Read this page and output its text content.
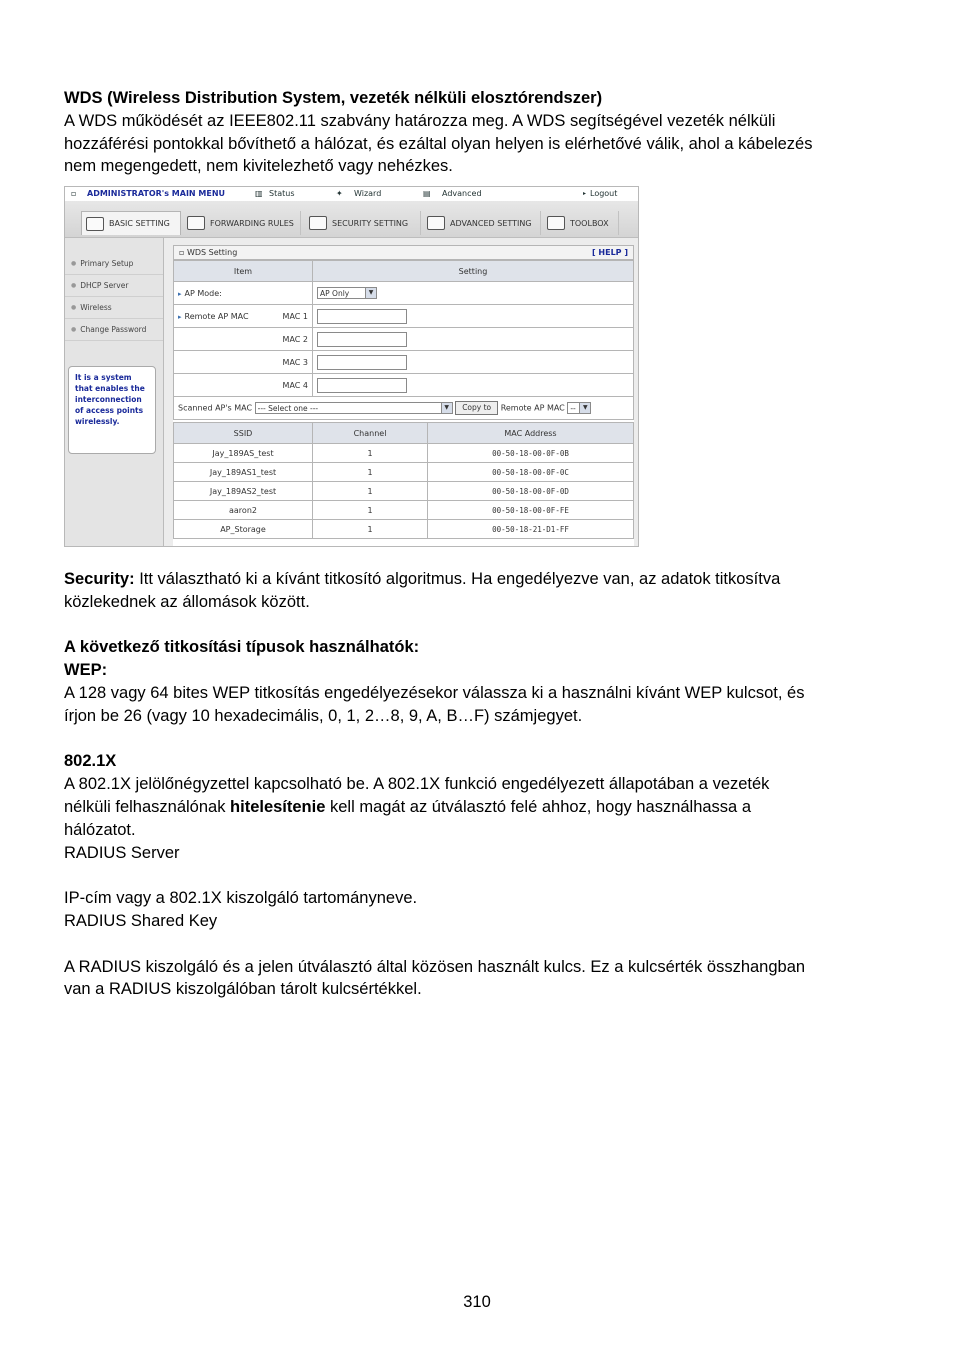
WDS (Wireless Distribution System, vezeték nélküli elosztórendszer)

A WDS működését az IEEE802.11 szabvány határozza meg. A WDS segítségével vezeték nélküli

hozzáférési pontokkal bővíthető a hálózat, és ezáltal olyan helyen is elérhetővé válik, ahol a kábelezés

nem megengedett, nem kivitelezhető vagy nehézkes.

Security: Itt választható ki a kívánt titkosító algoritmus. Ha engedélyezve van, az adatok titkosítva

közlekednek az állomások között.

A következő titkosítási típusok használhatók:

WEP:

A 128 vagy 64 bites WEP titkosítás engedélyezésekor válassza ki a használni kívánt WEP kulcsot, és

írjon be 26 (vagy 10 hexadecimális, 0, 1, 2…8, 9, A, B…F) számjegyet.

802.1X

A 802.1X jelölőnégyzettel kapcsolható be. A 802.1X funkció engedélyezett állapotában a vezeték

nélküli felhasználónak hitelesítenie kell magát az útválasztó felé ahhoz, hogy használhassa a

hálózatot.

RADIUS Server

IP-cím vagy a 802.1X kiszolgáló tartományneve.

RADIUS Shared Key

A RADIUS kiszolgáló és a jelen útválasztó által közösen használt kulcs. Ez a kulcsérték összhangban

van a RADIUS kiszolgálóban tárolt kulcsértékkel.

▫ ADMINISTRATOR's MAIN MENU	▥ Status	✦ Wizard	▤ Advanced	▸ Logout
BASIC SETTING	FORWARDING RULES	SECURITY SETTING	ADVANCED SETTING	TOOLBOX
● Primary Setup
● DHCP Server
● Wireless
● Change Password
It is a system that enables the interconnection of access points wirelessly.
▫ WDS Setting	[ HELP ]
Item	Setting
▸ AP Mode:	AP Only ▼

▸ Remote AP MAC MAC 1	

MAC 2	
MAC 3	
MAC 4	
Scanned AP's MAC --- Select one --- ▼ Copy to Remote AP MAC -- ▼	
SSID	Channel	MAC Address
Jay_189AS_test	1	00-50-18-00-0F-0B
Jay_189AS1_test	1	00-50-18-00-0F-0C
Jay_189AS2_test	1	00-50-18-00-0F-0D
aaron2	1	00-50-18-00-0F-FE
AP_Storage	1	00-50-18-21-D1-FF
310
